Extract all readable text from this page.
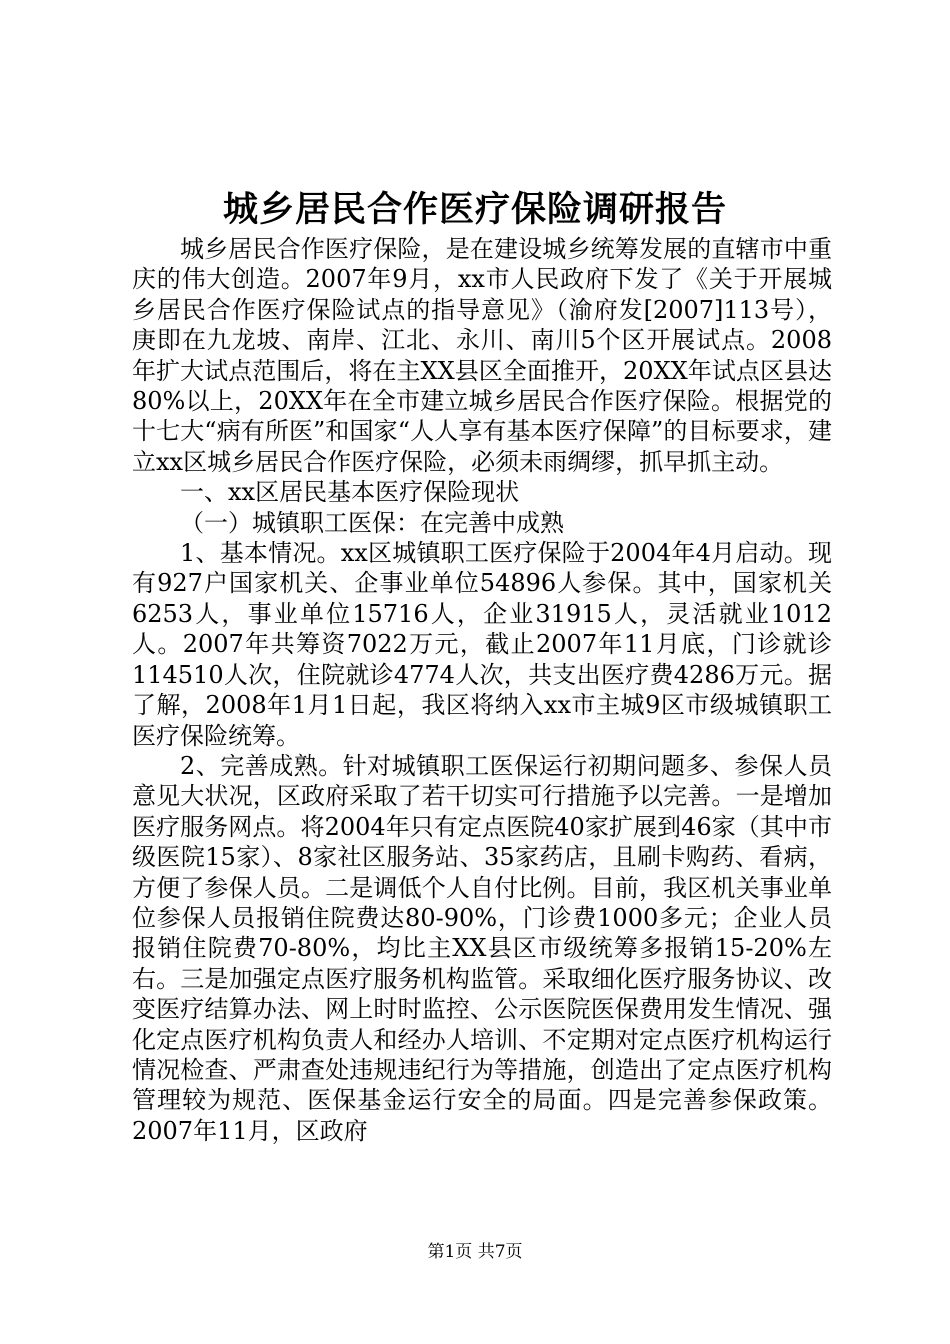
城乡居民合作医疗保险调研报告

城乡居民合作医疗保险，是在建设城乡统筹发展的直辖市中重庆的伟大创造。2007年9月，xx市人民政府下发了《关于开展城乡居民合作医疗保险试点的指导意见》（渝府发[2007]113号），庚即在九龙坡、南岸、江北、永川、南川5个区开展试点。2008年扩大试点范围后，将在主XX县区全面推开，20XX年试点区县达80%以上，20XX年在全市建立城乡居民合作医疗保险。根据党的十七大“病有所医”和国家“人人享有基本医疗保障”的目标要求，建立xx区城乡居民合作医疗保险，必须未雨绸缪，抓早抓主动。

一、xx区居民基本医疗保险现状

（一）城镇职工医保：在完善中成熟

1、基本情况。xx区城镇职工医疗保险于2004年4月启动。现有927户国家机关、企事业单位54896人参保。其中，国家机关6253人，事业单位15716人，企业31915人，灵活就业1012人。2007年共筹资7022万元，截止2007年11月底，门诊就诊114510人次，住院就诊4774人次，共支出医疗费4286万元。据了解，2008年1月1日起，我区将纳入xx市主城9区市级城镇职工医疗保险统筹。

2、完善成熟。针对城镇职工医保运行初期问题多、参保人员意见大状况，区政府采取了若干切实可行措施予以完善。一是增加医疗服务网点。将2004年只有定点医院40家扩展到46家（其中市级医院15家）、8家社区服务站、35家药店，且刷卡购药、看病，方便了参保人员。二是调低个人自付比例。目前，我区机关事业单位参保人员报销住院费达80-90%，门诊费1000多元；企业人员报销住院费70-80%，均比主XX县区市级统筹多报销15-20%左右。三是加强定点医疗服务机构监管。采取细化医疗服务协议、改变医疗结算办法、网上时时监控、公示医院医保费用发生情况、强化定点医疗机构负责人和经办人培训、不定期对定点医疗机构运行情况检查、严肃查处违规违纪行为等措施，创造出了定点医疗机构管理较为规范、医保基金运行安全的局面。四是完善参保政策。2007年11月，区政府

第1页 共7页
